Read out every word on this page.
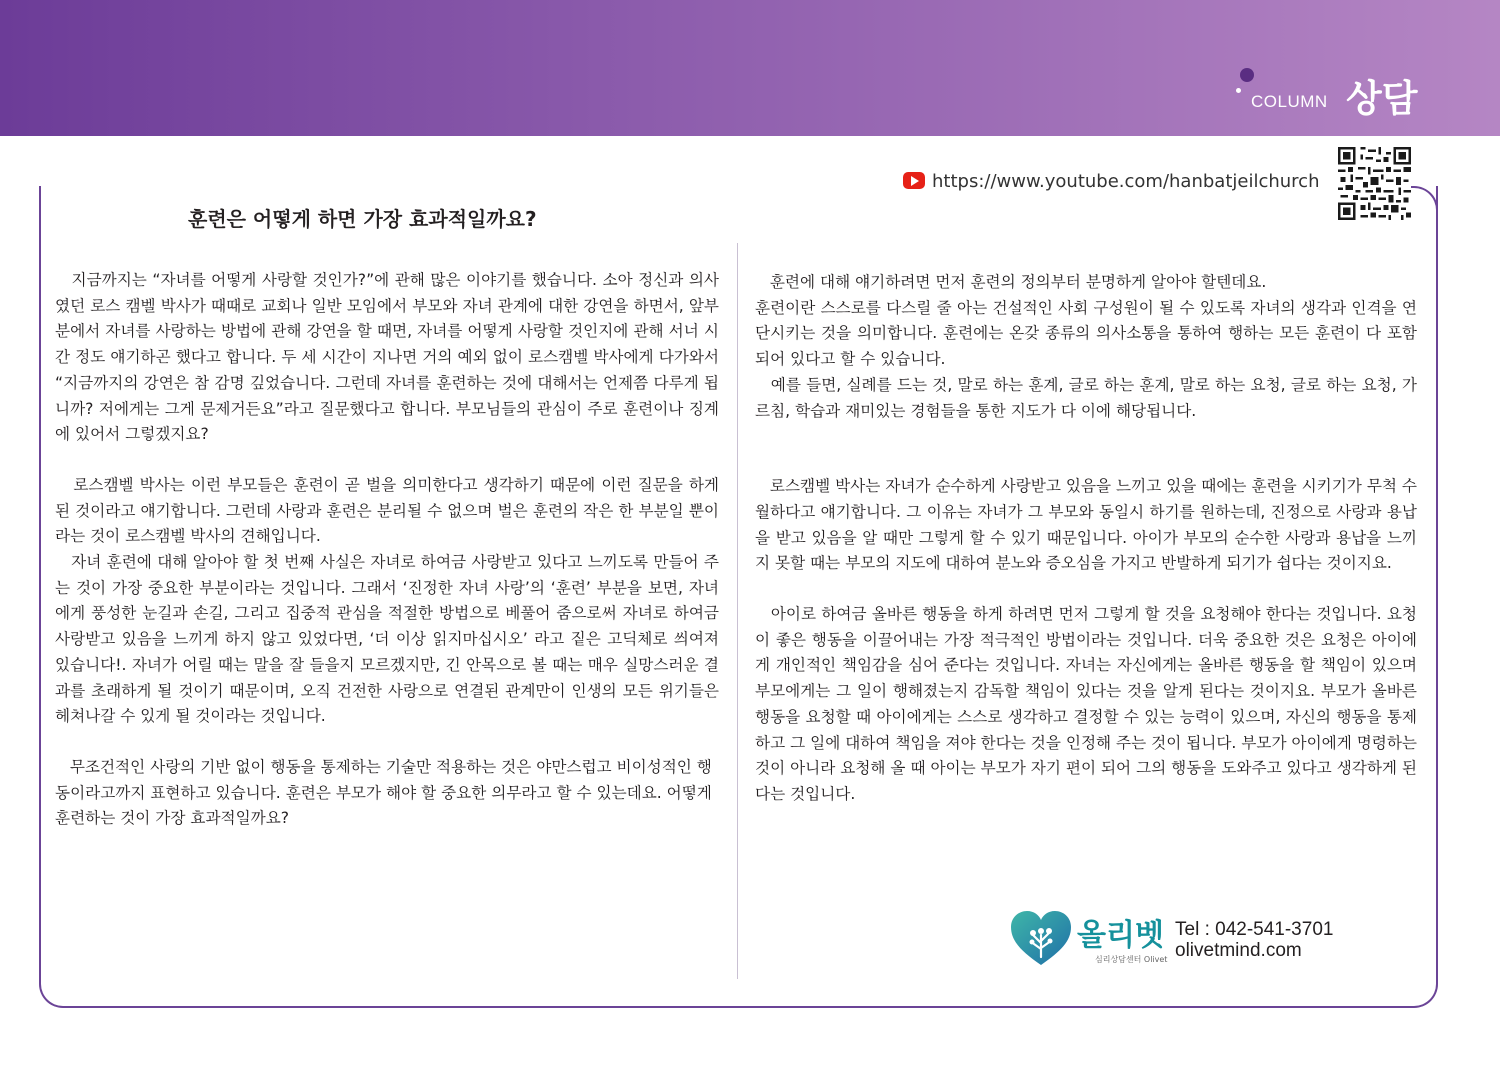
COLUMN 상담
https://www.youtube.com/hanbatjeilchurch
훈련은 어떻게 하면 가장 효과적일까요?

지금까지는 “자녀를 어떻게 사랑할 것인가?”에 관해 많은 이야기를 했습니다. 소아 정신과 의사였던 로스 캠벨 박사가 때때로 교회나 일반 모임에서 부모와 자녀 관계에 대한 강연을 하면서, 앞부분에서 자녀를 사랑하는 방법에 관해 강연을 할 때면, 자녀를 어떻게 사랑할 것인지에 관해 서너 시간 정도 얘기하곤 했다고 합니다. 두 세 시간이 지나면 거의 예외 없이 로스캠벨 박사에게 다가와서 “지금까지의 강연은 참 감명 깊었습니다. 그런데 자녀를 훈련하는 것에 대해서는 언제쯤 다루게 됩니까? 저에게는 그게 문제거든요”라고 질문했다고 합니다. 부모님들의 관심이 주로 훈련이나 징계에 있어서 그렇겠지요?

로스캠벨 박사는 이런 부모들은 훈련이 곧 벌을 의미한다고 생각하기 때문에 이런 질문을 하게 된 것이라고 얘기합니다. 그런데 사랑과 훈련은 분리될 수 없으며 벌은 훈련의 작은 한 부분일 뿐이라는 것이 로스캠벨 박사의 견해입니다.

자녀 훈련에 대해 알아야 할 첫 번째 사실은 자녀로 하여금 사랑받고 있다고 느끼도록 만들어 주는 것이 가장 중요한 부분이라는 것입니다. 그래서 ‘진정한 자녀 사랑’의 ‘훈련’ 부분을 보면, 자녀에게 풍성한 눈길과 손길, 그리고 집중적 관심을 적절한 방법으로 베풀어 줌으로써 자녀로 하여금 사랑받고 있음을 느끼게 하지 않고 있었다면, ‘더 이상 읽지마십시오’ 라고 짙은 고딕체로 씌여져 있습니다!. 자녀가 어릴 때는 말을 잘 들을지 모르겠지만, 긴 안목으로 볼 때는 매우 실망스러운 결과를 초래하게 될 것이기 때문이며, 오직 건전한 사랑으로 연결된 관계만이 인생의 모든 위기들은 헤쳐나갈 수 있게 될 것이라는 것입니다.

무조건적인 사랑의 기반 없이 행동을 통제하는 기술만 적용하는 것은 야만스럽고 비이성적인 행동이라고까지 표현하고 있습니다. 훈련은 부모가 해야 할 중요한 의무라고 할 수 있는데요. 어떻게 훈련하는 것이 가장 효과적일까요?

훈련에 대해 얘기하려면 먼저 훈련의 정의부터 분명하게 알아야 할텐데요.

훈련이란 스스로를 다스릴 줄 아는 건설적인 사회 구성원이 될 수 있도록 자녀의 생각과 인격을 연단시키는 것을 의미합니다. 훈련에는 온갖 종류의 의사소통을 통하여 행하는 모든 훈련이 다 포함되어 있다고 할 수 있습니다.

예를 들면, 실례를 드는 것, 말로 하는 훈계, 글로 하는 훈계, 말로 하는 요청, 글로 하는 요청, 가르침, 학습과 재미있는 경험들을 통한 지도가 다 이에 해당됩니다.

로스캠벨 박사는 자녀가 순수하게 사랑받고 있음을 느끼고 있을 때에는 훈련을 시키기가 무척 수월하다고 얘기합니다. 그 이유는 자녀가 그 부모와 동일시 하기를 원하는데, 진정으로 사랑과 용납을 받고 있음을 알 때만 그렇게 할 수 있기 때문입니다. 아이가 부모의 순수한 사랑과 용납을 느끼지 못할 때는 부모의 지도에 대하여 분노와 증오심을 가지고 반발하게 되기가 쉽다는 것이지요.

아이로 하여금 올바른 행동을 하게 하려면 먼저 그렇게 할 것을 요청해야 한다는 것입니다. 요청이 좋은 행동을 이끌어내는 가장 적극적인 방법이라는 것입니다. 더욱 중요한 것은 요청은 아이에게 개인적인 책임감을 심어 준다는 것입니다. 자녀는 자신에게는 올바른 행동을 할 책임이 있으며 부모에게는 그 일이 행해졌는지 감독할 책임이 있다는 것을 알게 된다는 것이지요. 부모가 올바른 행동을 요청할 때 아이에게는 스스로 생각하고 결정할 수 있는 능력이 있으며, 자신의 행동을 통제하고 그 일에 대하여 책임을 져야 한다는 것을 인정해 주는 것이 됩니다. 부모가 아이에게 명령하는 것이 아니라 요청해 올 때 아이는 부모가 자기 편이 되어 그의 행동을 도와주고 있다고 생각하게 된다는 것입니다.

올리벳
심리상담센터 Olivet
Tel : 042-541-3701
olivetmind.com
